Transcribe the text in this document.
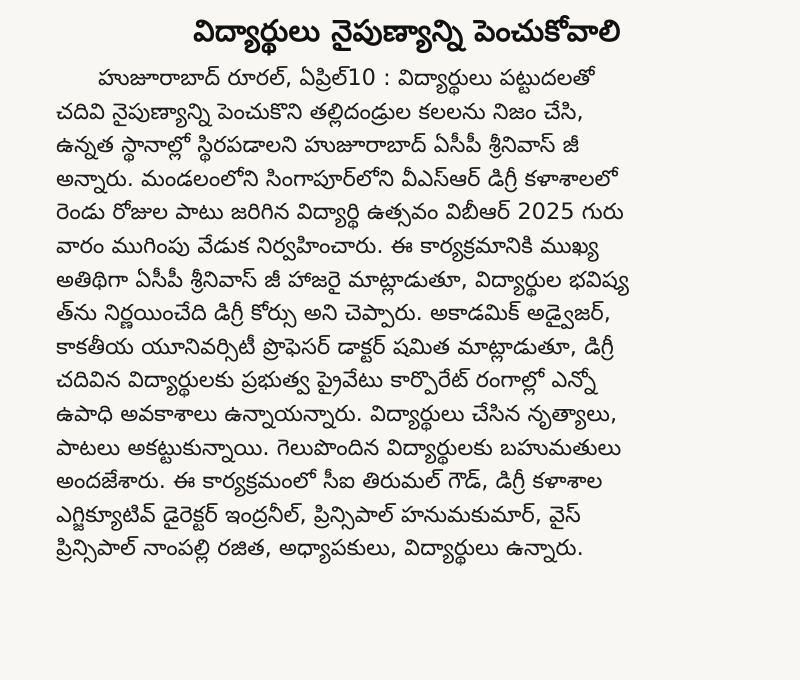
విద్యార్థులు నైపుణ్యాన్ని పెంచుకోవాలి
హుజూరాబాద్ రూరల్, ఏప్రిల్10 : విద్యార్థులు పట్టుదలతో
చదివి నైపుణ్యాన్ని పెంచుకొని తల్లిదండ్రుల కలలను నిజం చేసి,
ఉన్నత స్థానాల్లో స్థిరపడాలని హుజూరాబాద్ ఏసీపీ శ్రీనివాస్ జీ
అన్నారు. మండలంలోని సింగాపూర్‌లోని వీఎస్ఆర్ డిగ్రీ కళాశాలలో
రెండు రోజుల పాటు జరిగిన విద్యార్థి ఉత్సవం విబీఆర్ 2025 గురు
వారం ముగింపు వేడుక నిర్వహించారు. ఈ కార్యక్రమానికి ముఖ్య
అతిథిగా ఏసీపీ శ్రీనివాస్ జీ హాజరై మాట్లాడుతూ, విద్యార్థుల భవిష్య
త్‌ను నిర్ణయించేది డిగ్రీ కోర్సు అని చెప్పారు. అకాడమిక్ అడ్వైజర్,
కాకతీయ యూనివర్సిటీ ప్రొఫెసర్ డాక్టర్ షమిత మాట్లాడుతూ, డిగ్రీ
చదివిన విద్యార్థులకు ప్రభుత్వ ప్రైవేటు కార్పొరేట్ రంగాల్లో ఎన్నో
ఉపాధి అవకాశాలు ఉన్నాయన్నారు. విద్యార్థులు చేసిన నృత్యాలు,
పాటలు అకట్టుకున్నాయి. గెలుపొందిన విద్యార్థులకు బహుమతులు
అందజేశారు. ఈ కార్యక్రమంలో సీఐ తిరుమల్ గౌడ్, డిగ్రీ కళాశాల
ఎగ్జిక్యూటివ్ డైరెక్టర్ ఇంద్రనీల్, ప్రిన్సిపాల్ హనుమకుమార్, వైస్
ప్రిన్సిపాల్ నాంపల్లి రజిత, అధ్యాపకులు, విద్యార్థులు ఉన్నారు.
